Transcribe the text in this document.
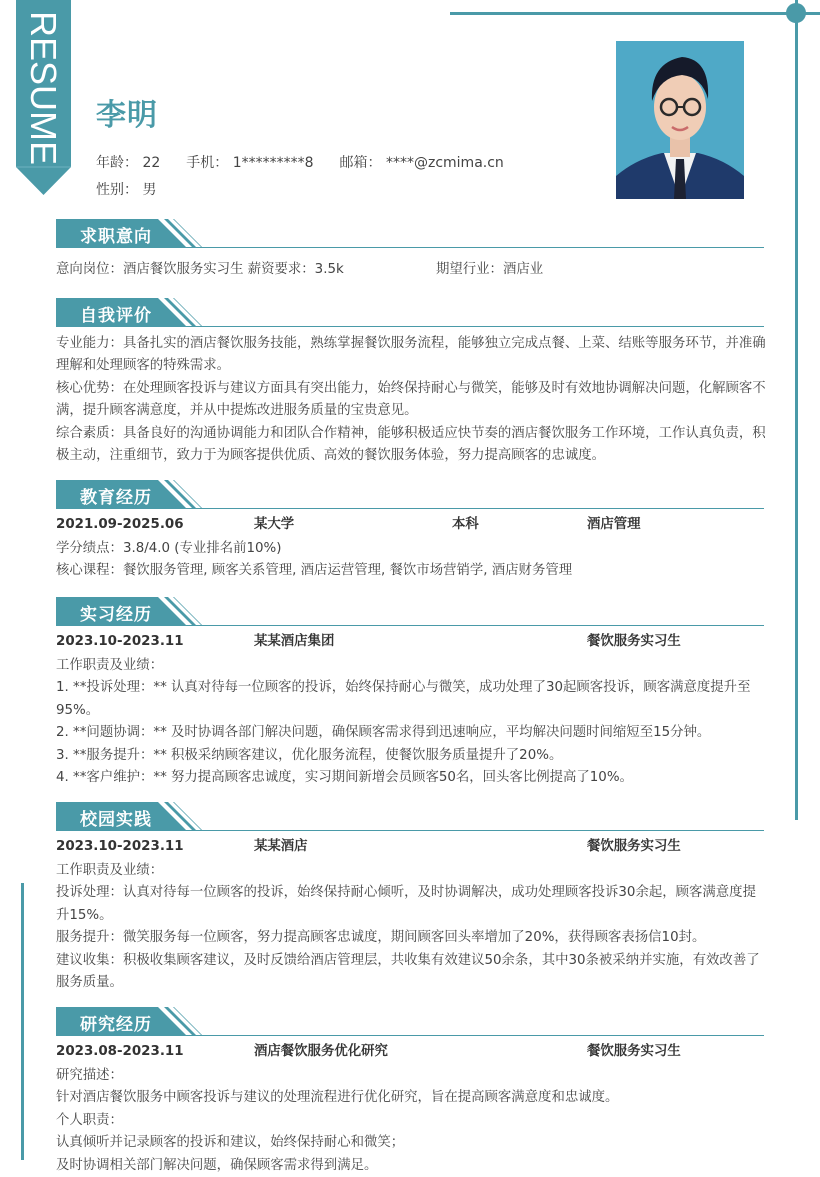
RESUME 李明
年龄： 22 手机： 1*********8 邮箱： ****@zcmima.cn
性别： 男
求职意向
意向岗位：酒店餐饮服务实习生 薪资要求：3.5k	期望行业：酒店业
自我评价
专业能力：具备扎实的酒店餐饮服务技能，熟练掌握餐饮服务流程，能够独立完成点餐、上菜、结账等服务环节，并准确理解和处理顾客的特殊需求。
核心优势：在处理顾客投诉与建议方面具有突出能力，始终保持耐心与微笑，能够及时有效地协调解决问题，化解顾客不满，提升顾客满意度，并从中提炼改进服务质量的宝贵意见。
综合素质：具备良好的沟通协调能力和团队合作精神，能够积极适应快节奏的酒店餐饮服务工作环境，工作认真负责，积极主动，注重细节，致力于为顾客提供优质、高效的餐饮服务体验，努力提高顾客的忠诚度。
教育经历
2021.09-2025.06	某大学	本科	酒店管理
学分绩点：3.8/4.0 (专业排名前10%)
核心课程：餐饮服务管理, 顾客关系管理, 酒店运营管理, 餐饮市场营销学, 酒店财务管理
实习经历
2023.10-2023.11	某某酒店集团	餐饮服务实习生
工作职责及业绩：
1. **投诉处理：** 认真对待每一位顾客的投诉，始终保持耐心与微笑，成功处理了30起顾客投诉，顾客满意度提升至95%。
2. **问题协调：** 及时协调各部门解决问题，确保顾客需求得到迅速响应，平均解决问题时间缩短至15分钟。
3. **服务提升：** 积极采纳顾客建议，优化服务流程，使餐饮服务质量提升了20%。
4. **客户维护：** 努力提高顾客忠诚度，实习期间新增会员顾客50名，回头客比例提高了10%。
校园实践
2023.10-2023.11	某某酒店	餐饮服务实习生
工作职责及业绩：
投诉处理：认真对待每一位顾客的投诉，始终保持耐心倾听，及时协调解决，成功处理顾客投诉30余起，顾客满意度提升15%。
服务提升：微笑服务每一位顾客，努力提高顾客忠诚度，期间顾客回头率增加了20%，获得顾客表扬信10封。
建议收集：积极收集顾客建议，及时反馈给酒店管理层，共收集有效建议50余条，其中30条被采纳并实施，有效改善了服务质量。
研究经历
2023.08-2023.11	酒店餐饮服务优化研究	餐饮服务实习生
研究描述：
针对酒店餐饮服务中顾客投诉与建议的处理流程进行优化研究，旨在提高顾客满意度和忠诚度。
个人职责：
认真倾听并记录顾客的投诉和建议，始终保持耐心和微笑；
及时协调相关部门解决问题，确保顾客需求得到满足。
